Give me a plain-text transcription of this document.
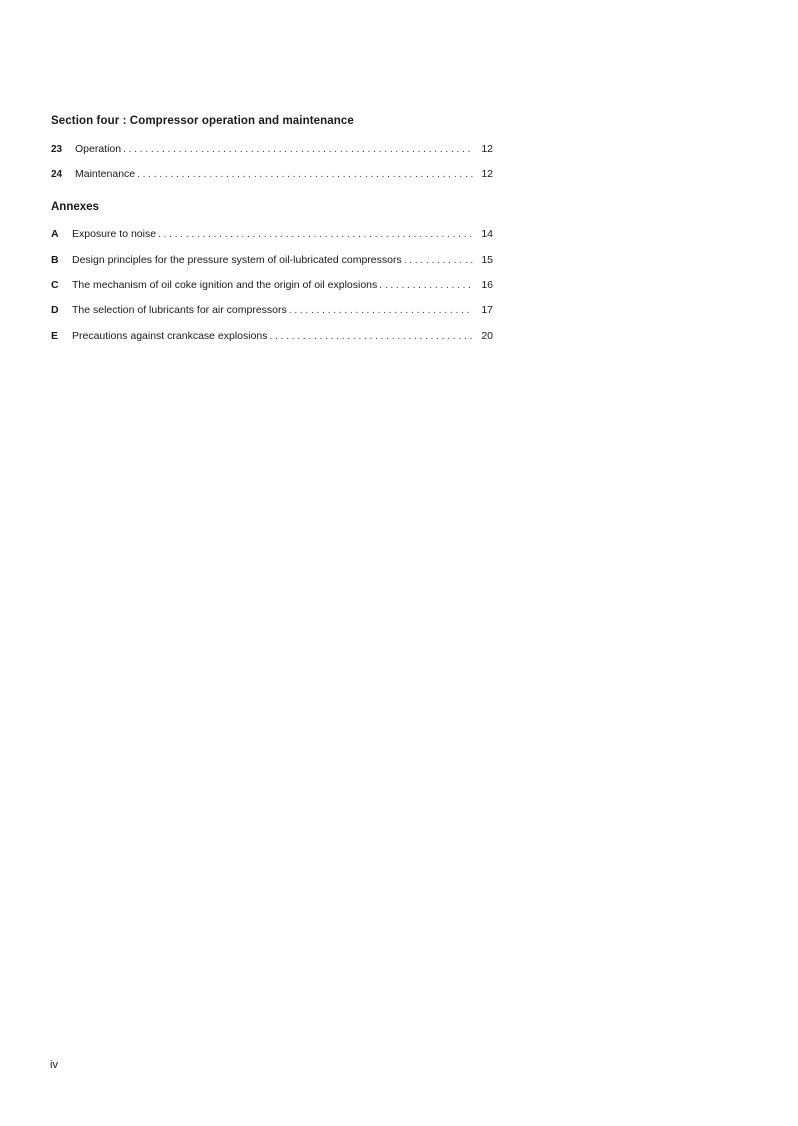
Section four : Compressor operation and maintenance
23	Operation . . .	12
24	Maintenance . . .	12
Annexes
A	Exposure to noise . . .	14
B	Design principles for the pressure system of oil-lubricated compressors . . .	15
C	The mechanism of oil coke ignition and the origin of oil explosions . . .	16
D	The selection of lubricants for air compressors . . .	17
E	Precautions against crankcase explosions . . .	20
iv
